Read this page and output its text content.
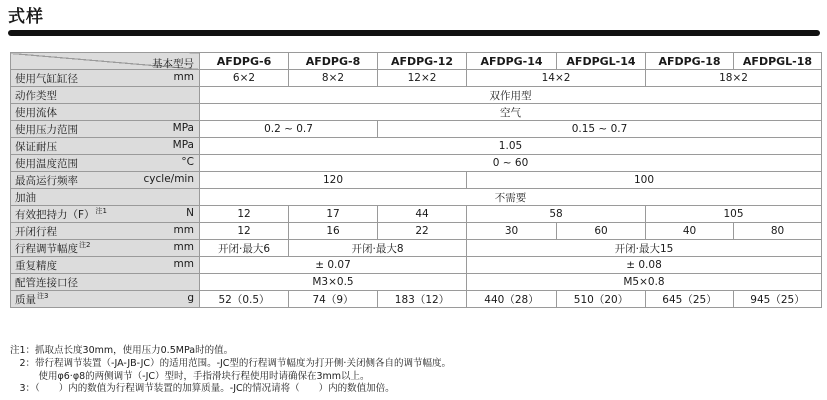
式样
基本型号	AFDPG-6	AFDPG-8	AFDPG-12	AFDPG-14	AFDPGL-14	AFDPG-18	AFDPGL-18

使用气缸缸径 mm	6×2	8×2	12×2	14×2		18×2	

动作类型	双作用型						

使用流体	空气						

使用压力范围 MPa	0.2 ~ 0.7		0.15 ~ 0.7				

保证耐压 MPa	1.05						

使用温度范围 °C	0 ~ 60						

最高运行频率 cycle/min	120			100			

加油	不需要						

有效把持力$(F)^{注1}$ N	12	17	44	58		105	

开闭行程 mm	12	16	22	30	60	40	80

行程调节幅度$^{注2}$ mm	开闭·最大6	开闭·最大8		开闭·最大15			

重复精度 mm	± 0.07			± 0.08			

配管连接口径	M3×0.5			M5×0.8			

质量$^{注3}$ g	52（0.5）	74（9）	183（12）	440（28）	510（20）	645（25）	945（25）
注1：抓取点长度30mm，使用压力0.5MPa时的值。
　2：带行程调节装置（-JA-JB-JC）的适用范围。-JC型的行程调节幅度为打开侧·关闭侧各自的调节幅度。
　　　使用φ6·φ8的两侧调节（-JC）型时，手指滑块行程使用时请确保在3mm以上。
　3：（　　）内的数值为行程调节装置的加算质量。-JC的情况请将（　　）内的数值加倍。
